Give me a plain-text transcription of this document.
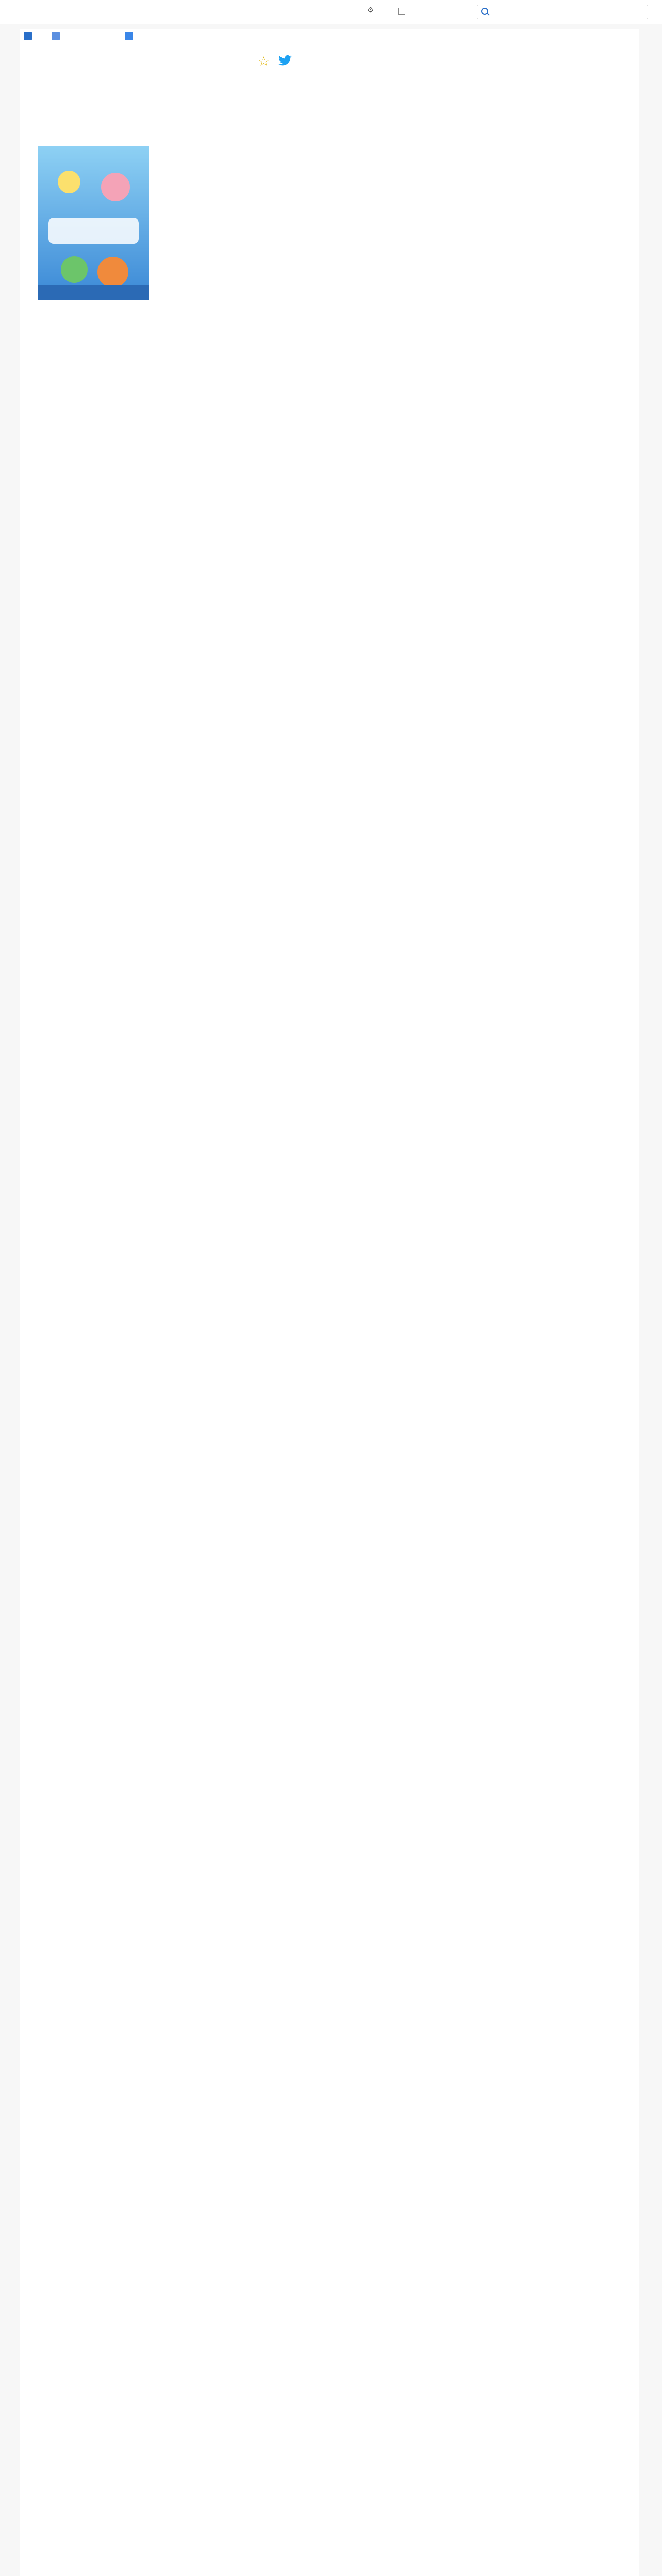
⚙
☆
